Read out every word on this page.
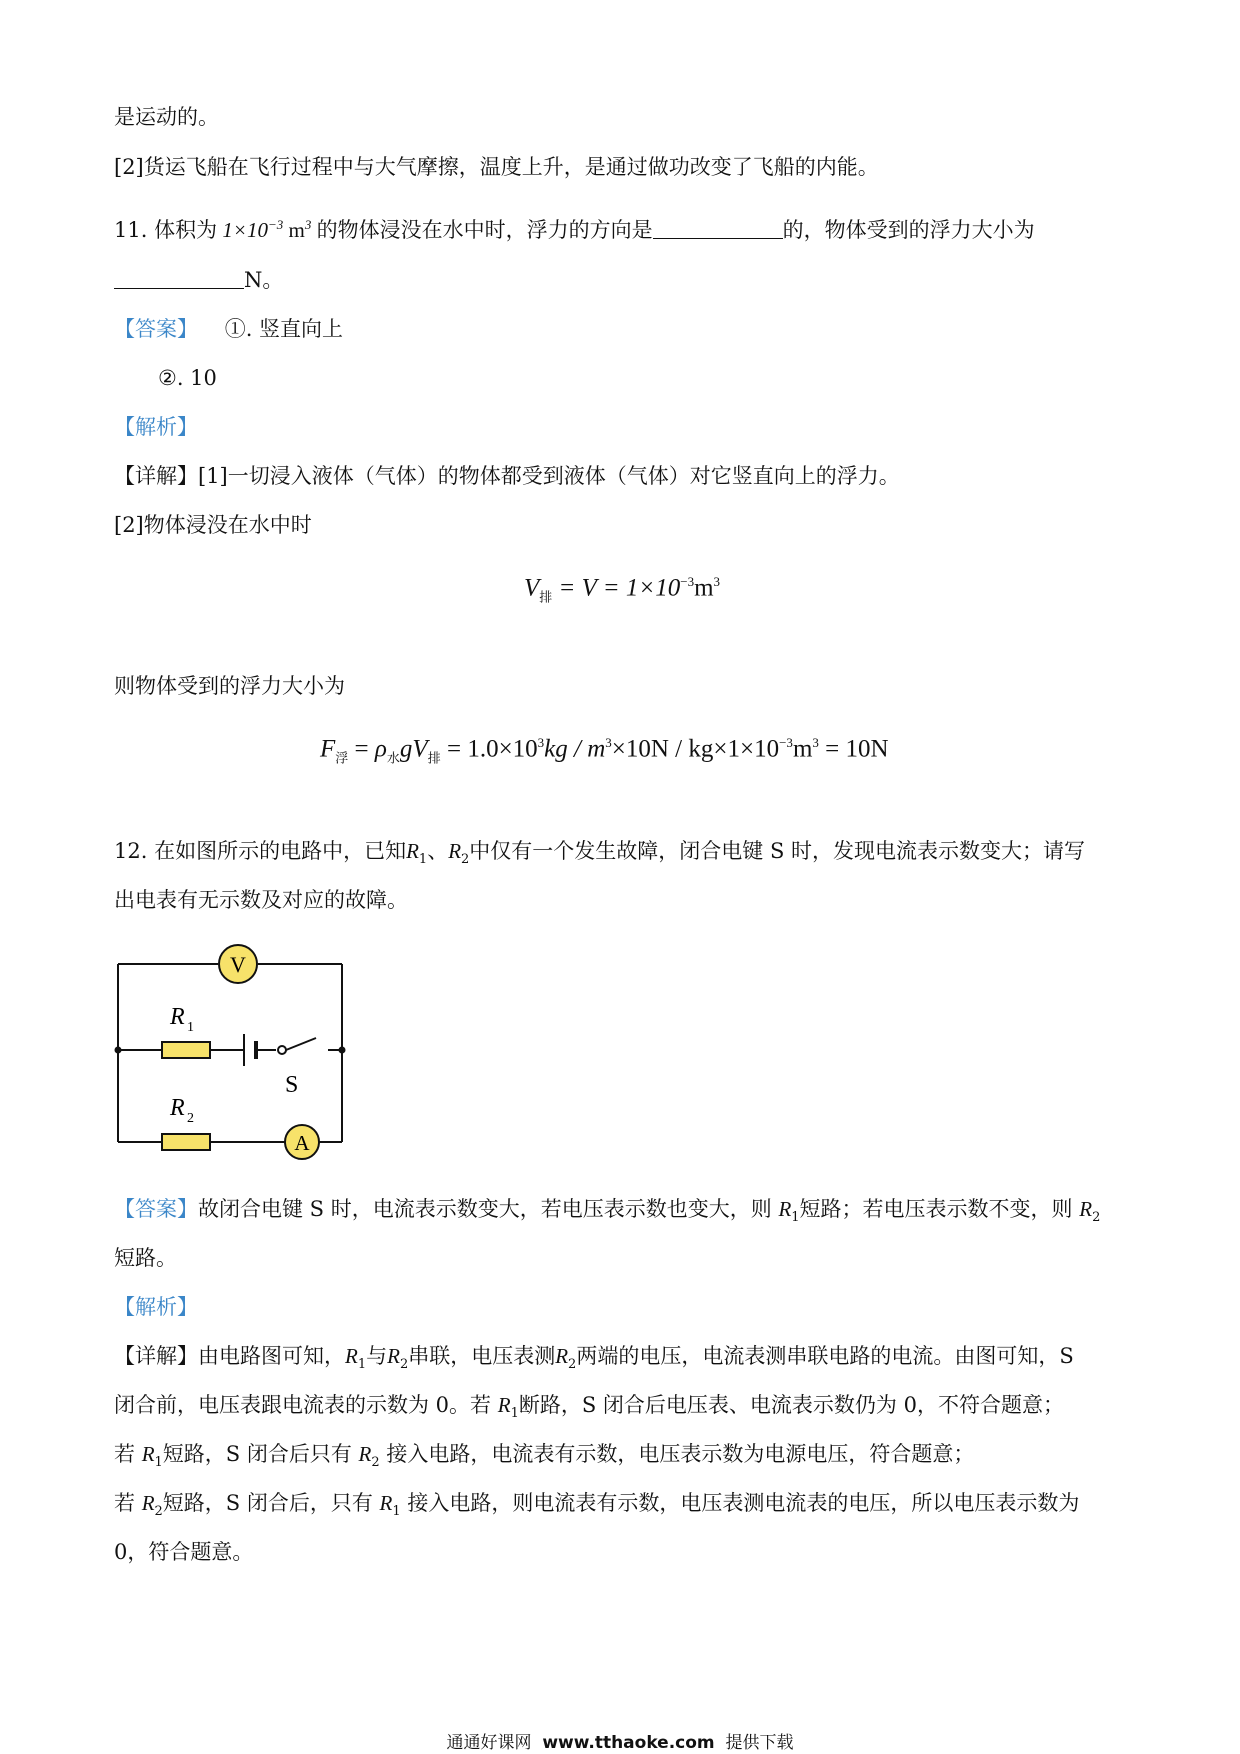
是运动的。
[2]货运飞船在飞行过程中与大气摩擦，温度上升，是通过做功改变了飞船的内能。
11. 体积为 $1\times 10^{-3}$ $m^3$ 的物体浸没在水中时，浮力的方向是	的，物体受到的浮力大小为
N。
【答案】 ①. 竖直向上
②. 10
【解析】
【详解】[1]一切浸入液体（气体）的物体都受到液体（气体）对它竖直向上的浮力。
[2]物体浸没在水中时
$V_排 = V = 1\times 10^{-3}m^3$
则物体受到的浮力大小为
$F_浮 = \rho_水gV_排 = 1.0\times 10^3kg / m^3\times 10N / kg\times 1\times 10^{-3}m^3 = 10N$
12. 在如图所示的电路中，已知$R_1$、$R_2$中仅有一个发生故障，闭合电键 S 时，发现电流表示数变大；请写
出电表有无示数及对应的故障。
V
R 1
S
R 2
A
【答案】故闭合电键 S 时，电流表示数变大，若电压表示数也变大，则 $R_1$短路；若电压表示数不变，则 $R_2$
短路。
【解析】
【详解】由电路图可知，$R_1$与$R_2$串联，电压表测$R_2$两端的电压，电流表测串联电路的电流。由图可知，S
闭合前，电压表跟电流表的示数为 0。若 $R_1$断路，S 闭合后电压表、电流表示数仍为 0，不符合题意；
若 $R_1$短路，S 闭合后只有 $R_2$ 接入电路，电流表有示数，电压表示数为电源电压，符合题意；
若 $R_2$短路，S 闭合后，只有 $R_1$ 接入电路，则电流表有示数，电压表测电流表的电压，所以电压表示数为
0，符合题意。
通通好课网 www.tthaoke.com 提供下载
